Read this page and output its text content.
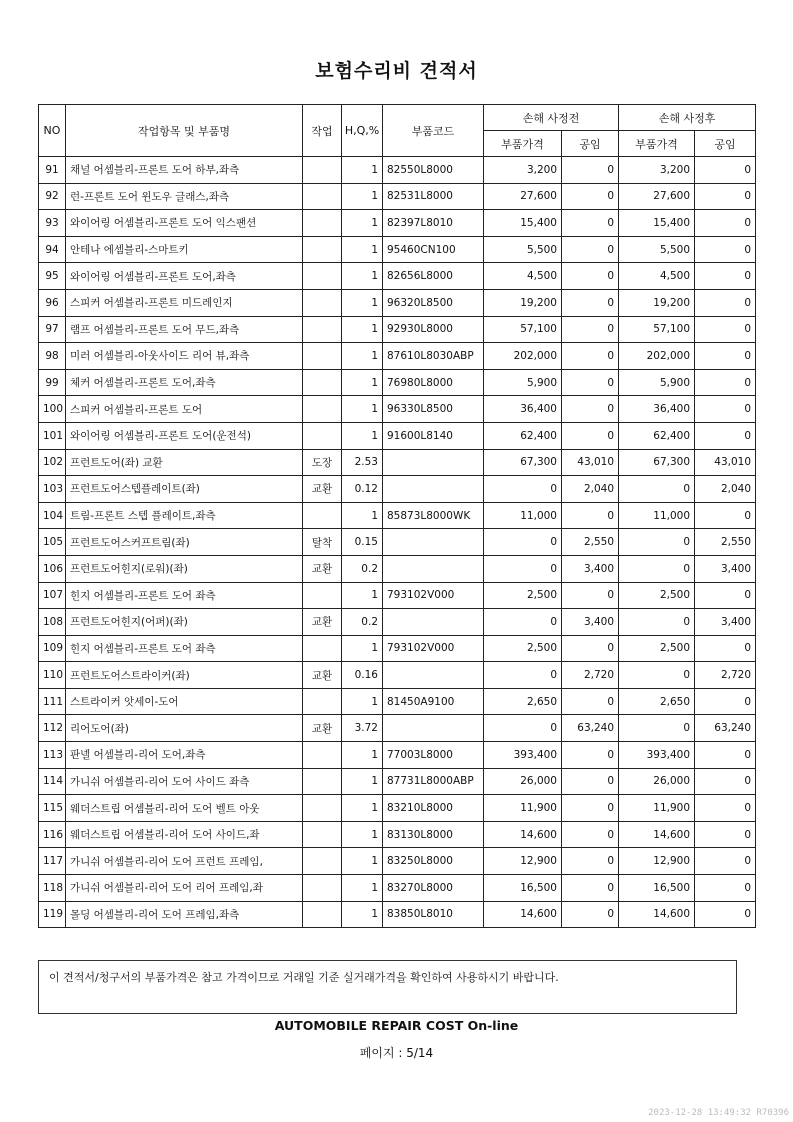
보험수리비 견적서
NO	작업항목 및 부품명	작업	H,Q,%	부품코드	손해 사정전		손해 사정후	
					부품가격	공임	부품가격	공임
91	채널 어셈블리-프론트 도어 하부,좌측		1	82550L8000	3,200	0	3,200	0
92	런-프론트 도어 윈도우 글래스,좌측		1	82531L8000	27,600	0	27,600	0
93	와이어링 어셈블리-프론트 도어 익스팬션		1	82397L8010	15,400	0	15,400	0
94	안테나 에셈블리-스마트키		1	95460CN100	5,500	0	5,500	0
95	와이어링 어셈블리-프론트 도어,좌측		1	82656L8000	4,500	0	4,500	0
96	스피커 어셈블리-프론트 미드레인지		1	96320L8500	19,200	0	19,200	0
97	램프 어셈블리-프론트 도어 무드,좌측		1	92930L8000	57,100	0	57,100	0
98	미러 어셈블리-아웃사이드 리어 뷰,좌측		1	87610L8030ABP	202,000	0	202,000	0
99	체커 어셈블리-프론트 도어,좌측		1	76980L8000	5,900	0	5,900	0
100	스피커 어셈블리-프론트 도어		1	96330L8500	36,400	0	36,400	0
101	와이어링 어셈블리-프론트 도어(운전석)		1	91600L8140	62,400	0	62,400	0
102	프런트도어(좌) 교환	도장	2.53		67,300	43,010	67,300	43,010
103	프런트도어스텝플레이트(좌)	교환	0.12		0	2,040	0	2,040
104	트림-프론트 스텝 플레이트,좌측		1	85873L8000WK	11,000	0	11,000	0
105	프런트도어스커프트림(좌)	탈착	0.15		0	2,550	0	2,550
106	프런트도어힌지(로워)(좌)	교환	0.2		0	3,400	0	3,400
107	힌지 어셈블리-프론트 도어 좌측		1	793102V000	2,500	0	2,500	0
108	프런트도어힌지(어퍼)(좌)	교환	0.2		0	3,400	0	3,400
109	힌지 어셈블리-프론트 도어 좌측		1	793102V000	2,500	0	2,500	0
110	프런트도어스트라이커(좌)	교환	0.16		0	2,720	0	2,720
111	스트라이커 앗세이-도어		1	81450A9100	2,650	0	2,650	0
112	리어도어(좌)	교환	3.72		0	63,240	0	63,240
113	판넬 어셈블리-리어 도어,좌측		1	77003L8000	393,400	0	393,400	0
114	가니쉬 어셈블리-리어 도어 사이드 좌측		1	87731L8000ABP	26,000	0	26,000	0
115	웨더스트립 어셈블리-리어 도어 벨트 아웃		1	83210L8000	11,900	0	11,900	0
116	웨더스트립 어셈블리-리어 도어 사이드,좌		1	83130L8000	14,600	0	14,600	0
117	가니쉬 어셈블리-리어 도어 프런트 프레임,		1	83250L8000	12,900	0	12,900	0
118	가니쉬 어셈블리-리어 도어 리어 프레임,좌		1	83270L8000	16,500	0	16,500	0
119	몰딩 어셈블리-리어 도어 프레임,좌측		1	83850L8010	14,600	0	14,600	0
이 견적서/청구서의 부품가격은 참고 가격이므로 거래일 기준 실거래가격을 확인하여 사용하시기 바랍니다.
AUTOMOBILE REPAIR COST On-line
페이지 : 5/14
2023-12-28 13:49:32 R70396
